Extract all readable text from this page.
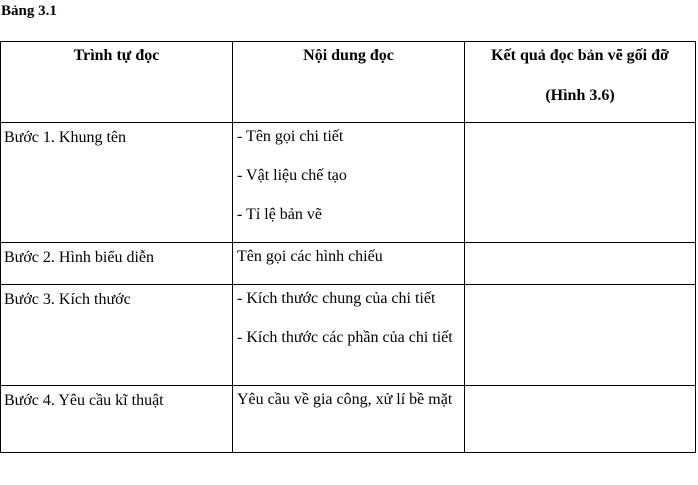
Bảng 3.1
Trình tự đọc	Nội dung đọc	Kết quả đọc bản vẽ gối đỡ
(Hình 3.6)

Bước 1. Khung tên	- Tên gọi chi tiết
- Vật liệu chế tạo
- Tỉ lệ bản vẽ	

Bước 2. Hình biểu diễn	Tên gọi các hình chiếu	

Bước 3. Kích thước	- Kích thước chung của chi tiết
- Kích thước các phần của chi tiết	

Bước 4. Yêu cầu kĩ thuật	Yêu cầu về gia công, xử lí bề mặt	
